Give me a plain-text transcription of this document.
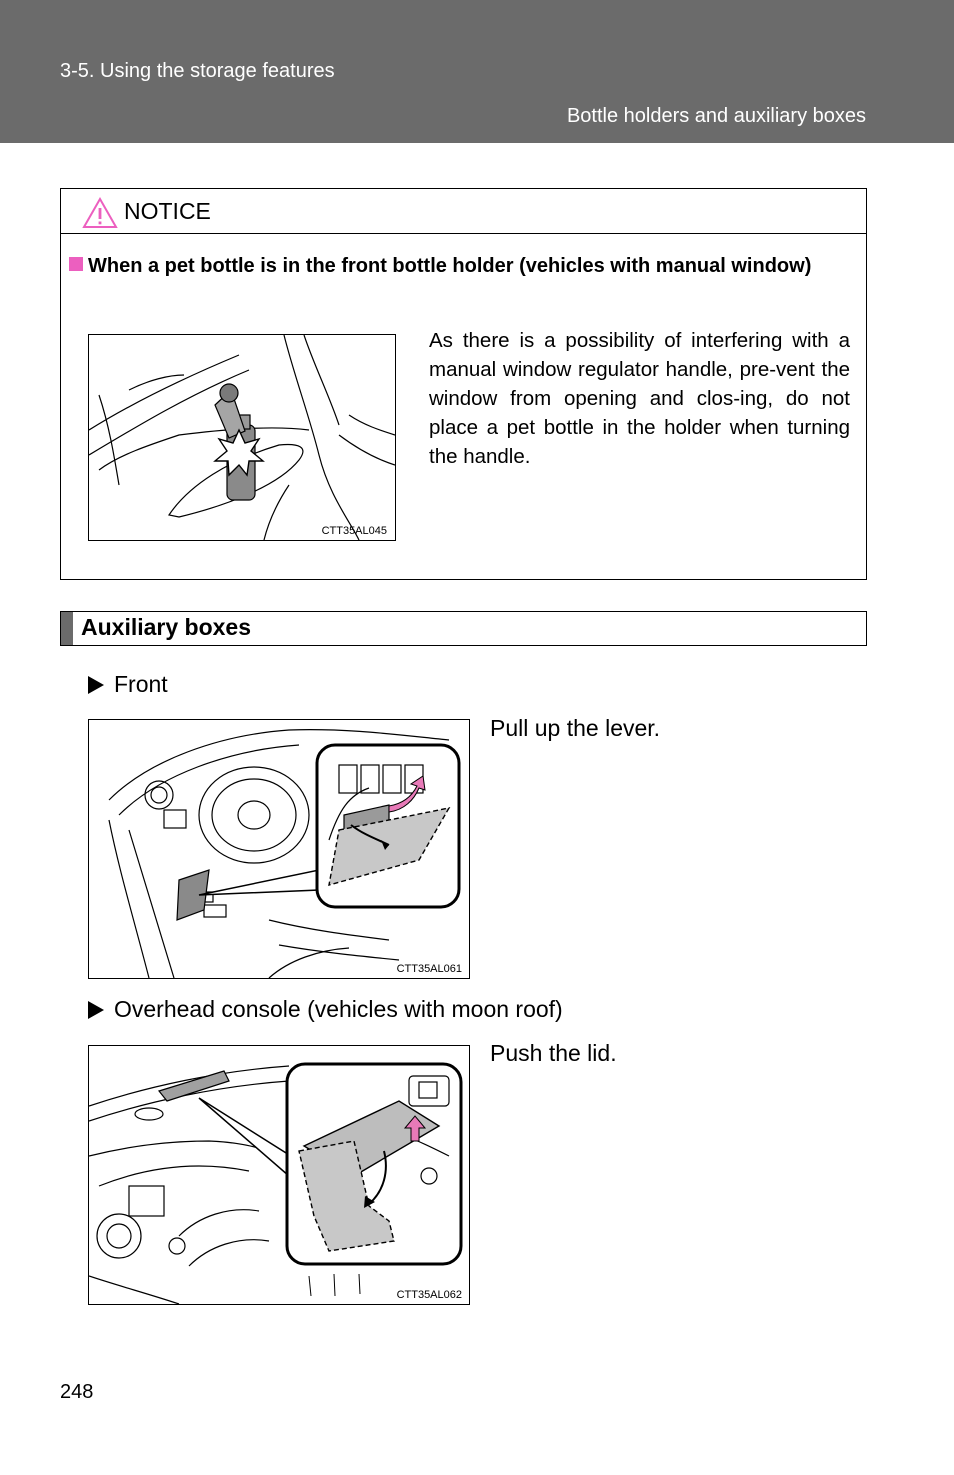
3-5. Using the storage features
Bottle holders and auxiliary boxes
NOTICE
When a pet bottle is in the front bottle holder (vehicles with manual window)
CTT35AL045
As there is a possibility of interfering with a manual window regulator handle, pre-vent the window from opening and clos-ing, do not place a pet bottle in the holder when turning the handle.
Auxiliary boxes
Front
CTT35AL061
Pull up the lever.
Overhead console (vehicles with moon roof)
CTT35AL062
Push the lid.
248
